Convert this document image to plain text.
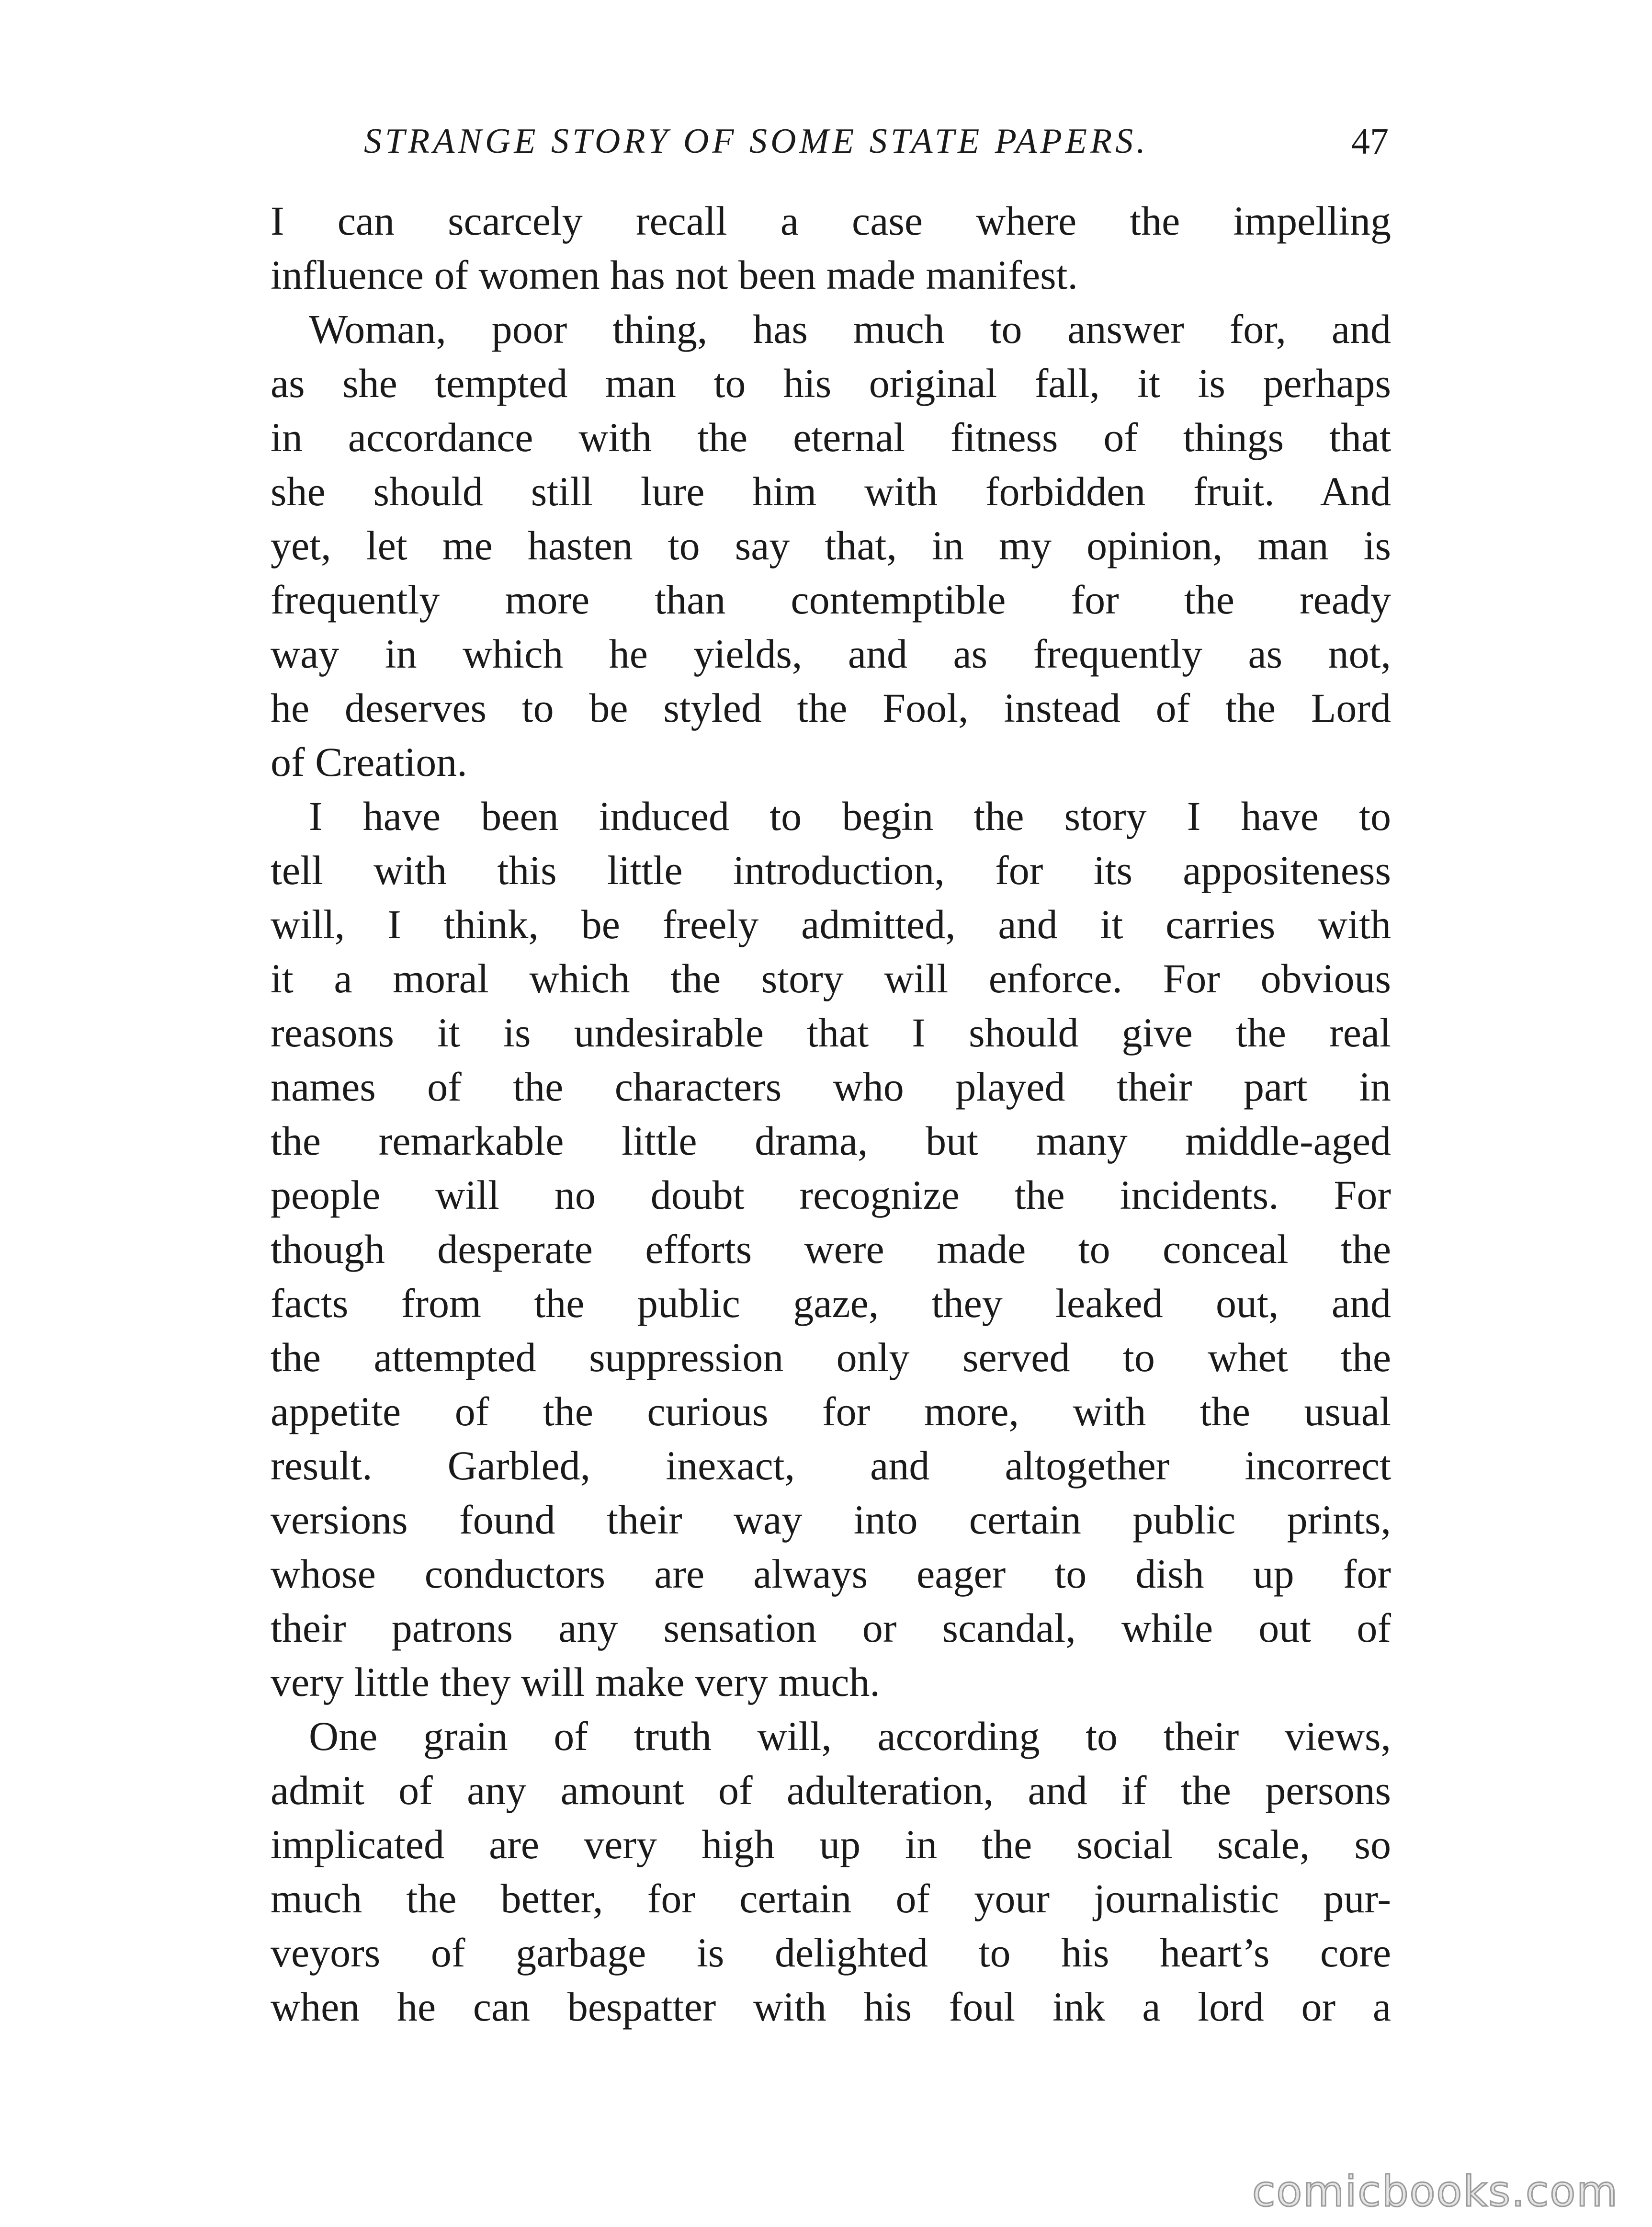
STRANGE STORY OF SOME STATE PAPERS.	47
I can scarcely recall a case where the impelling
influence of women has not been made manifest.
Woman, poor thing, has much to answer for, and
as she tempted man to his original fall, it is perhaps
in accordance with the eternal fitness of things that
she should still lure him with forbidden fruit. And
yet, let me hasten to say that, in my opinion, man is
frequently more than contemptible for the ready
way in which he yields, and as frequently as not,
he deserves to be styled the Fool, instead of the Lord
of Creation.
I have been induced to begin the story I have to
tell with this little introduction, for its appositeness
will, I think, be freely admitted, and it carries with
it a moral which the story will enforce. For obvious
reasons it is undesirable that I should give the real
names of the characters who played their part in
the remarkable little drama, but many middle-aged
people will no doubt recognize the incidents. For
though desperate efforts were made to conceal the
facts from the public gaze, they leaked out, and
the attempted suppression only served to whet the
appetite of the curious for more, with the usual
result. Garbled, inexact, and altogether incorrect
versions found their way into certain public prints,
whose conductors are always eager to dish up for
their patrons any sensation or scandal, while out of
very little they will make very much.
One grain of truth will, according to their views,
admit of any amount of adulteration, and if the persons
implicated are very high up in the social scale, so
much the better, for certain of your journalistic pur-
veyors of garbage is delighted to his heart’s core
when he can bespatter with his foul ink a lord or a
comicbooks.com
